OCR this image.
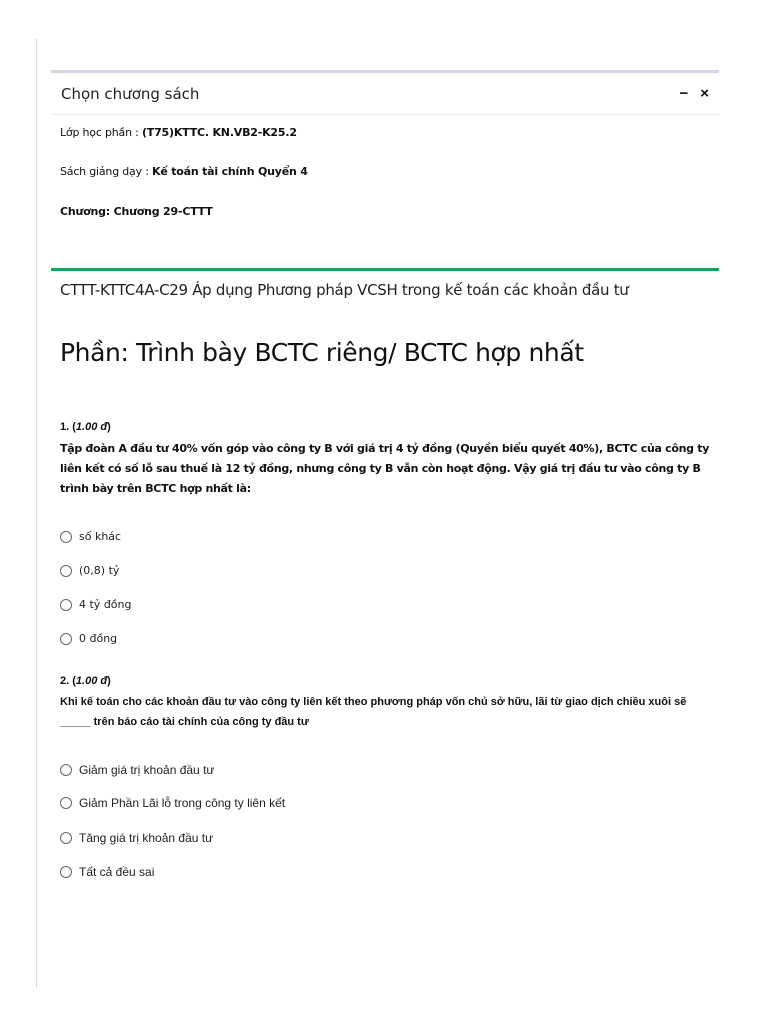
Chọn chương sách	− ×
Lớp học phần : (T75)KTTC. KN.VB2-K25.2
Sách giảng dạy : Kế toán tài chính Quyển 4
Chương: Chương 29-CTTT
CTTT-KTTC4A-C29 Áp dụng Phương pháp VCSH trong kế toán các khoản đầu tư
Phần: Trình bày BCTC riêng/ BCTC hợp nhất
1. (1.00 đ)
Tập đoàn A đầu tư 40% vốn góp vào công ty B với giá trị 4 tỷ đồng (Quyền biểu quyết 40%), BCTC của công ty liên kết có số lỗ sau thuế là 12 tỷ đồng, nhưng công ty B vẫn còn hoạt động. Vậy giá trị đầu tư vào công ty B trình bày trên BCTC hợp nhất là:
số khác
(0,8) tỷ
4 tỷ đồng
0 đồng
2. (1.00 đ)
Khi kế toán cho các khoản đầu tư vào công ty liên kết theo phương pháp vốn chủ sở hữu, lãi từ giao dịch chiều xuôi sẽ _____ trên báo cáo tài chính của công ty đầu tư
Giảm giá trị khoản đầu tư
Giảm Phần Lãi lỗ trong công ty liên kết
Tăng giá trị khoản đầu tư
Tất cả đều sai
